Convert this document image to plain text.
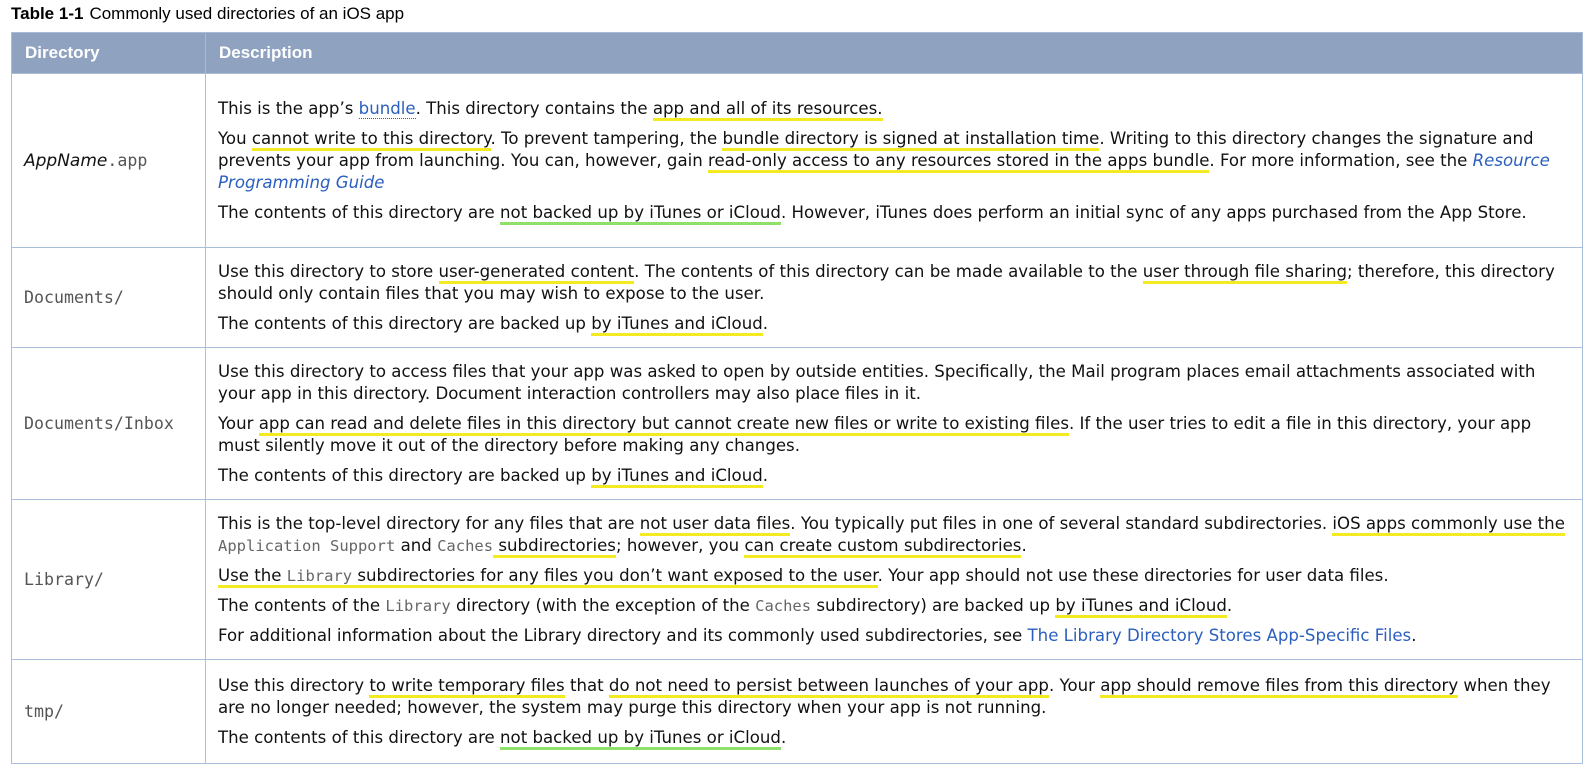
Table 1-1 Commonly used directories of an iOS app
Directory	Description
AppName.app	This is the app’s bundle. This directory contains the app and all of its resources.

You cannot write to this directory. To prevent tampering, the bundle directory is signed at installation time. Writing to this directory changes the signature and prevents your app from launching. You can, however, gain read-only access to any resources stored in the apps bundle. For more information, see the Resource Programming Guide

The contents of this directory are not backed up by iTunes or iCloud. However, iTunes does perform an initial sync of any apps purchased from the App Store.

Documents/	Use this directory to store user-generated content. The contents of this directory can be made available to the user through file sharing; therefore, this directory should only contain files that you may wish to expose to the user.

The contents of this directory are backed up by iTunes and iCloud.

Documents/Inbox	Use this directory to access files that your app was asked to open by outside entities. Specifically, the Mail program places email attachments associated with your app in this directory. Document interaction controllers may also place files in it.

Your app can read and delete files in this directory but cannot create new files or write to existing files. If the user tries to edit a file in this directory, your app must silently move it out of the directory before making any changes.

The contents of this directory are backed up by iTunes and iCloud.

Library/	This is the top-level directory for any files that are not user data files. You typically put files in one of several standard subdirectories. iOS apps commonly use the Application Support and Caches subdirectories; however, you can create custom subdirectories.

Use the Library subdirectories for any files you don’t want exposed to the user. Your app should not use these directories for user data files.

The contents of the Library directory (with the exception of the Caches subdirectory) are backed up by iTunes and iCloud.

For additional information about the Library directory and its commonly used subdirectories, see The Library Directory Stores App-Specific Files.

tmp/	Use this directory to write temporary files that do not need to persist between launches of your app. Your app should remove files from this directory when they are no longer needed; however, the system may purge this directory when your app is not running.

The contents of this directory are not backed up by iTunes or iCloud.
